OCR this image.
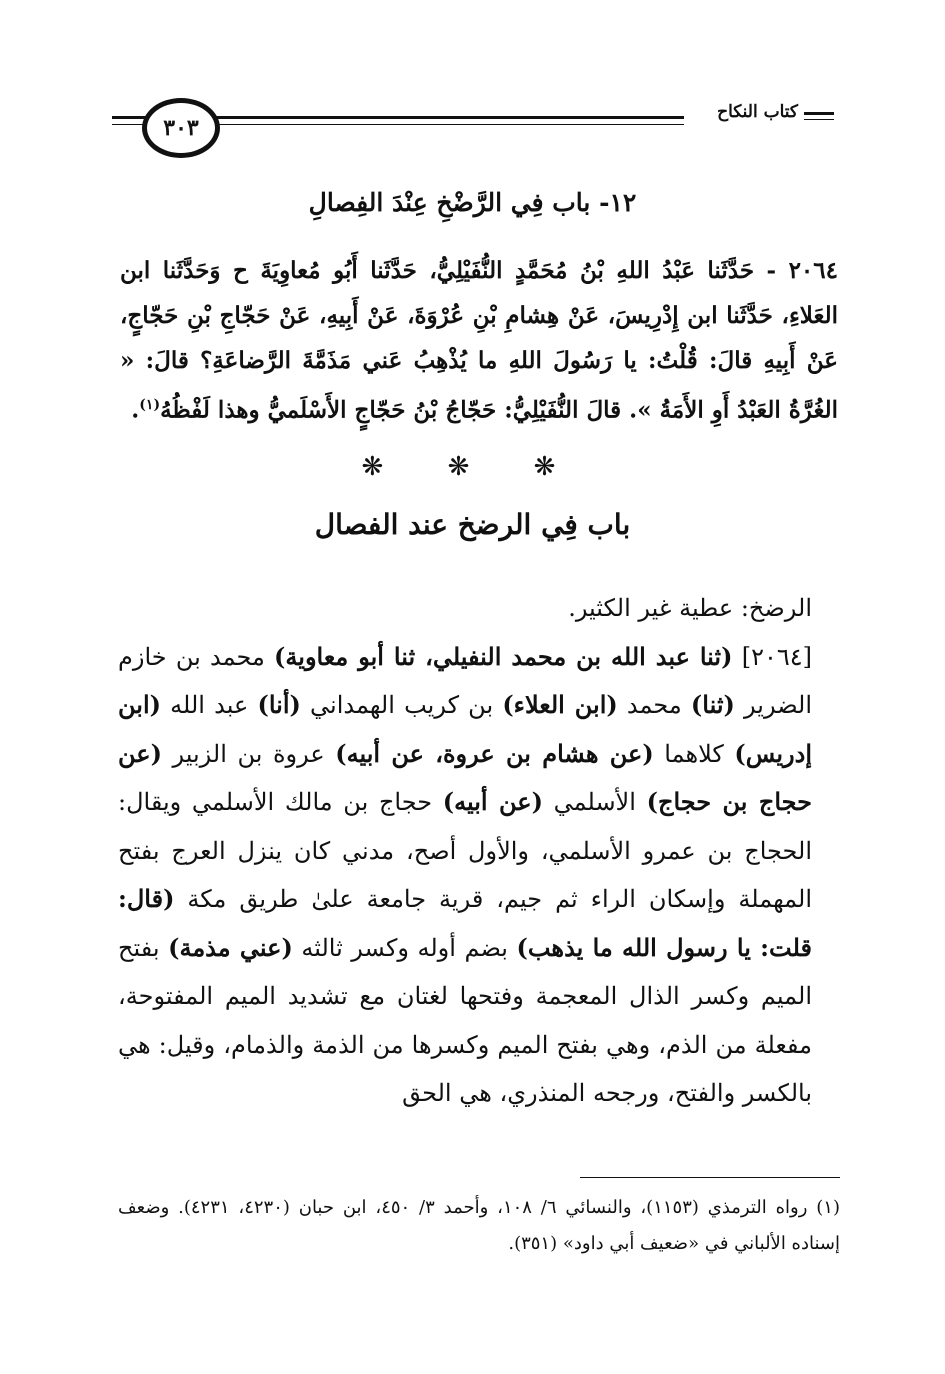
كتاب النكاح
٣٠٣
١٢- باب فِي الرَّضْخِ عِنْدَ الفِصالِ
٢٠٦٤ - حَدَّثَنا عَبْدُ اللهِ بْنُ مُحَمَّدٍ النُّفَيْلِيُّ، حَدَّثَنا أَبُو مُعاوِيَةَ ح وَحَدَّثَنا ابن العَلاءِ، حَدَّثَنا ابن إِدْرِيسَ، عَنْ هِشامِ بْنِ عُرْوَةَ، عَنْ أَبِيهِ، عَنْ حَجّاجِ بْنِ حَجّاجٍ، عَنْ أَبِيهِ قالَ: قُلْتُ: يا رَسُولَ اللهِ ما يُذْهِبُ عَني مَذَمَّةَ الرَّضاعَةِ؟ قالَ: « الغُرَّةُ العَبْدُ أَوِ الأَمَةُ ». قالَ النُّفَيْلِيُّ: حَجّاجُ بْنُ حَجّاجٍ الأَسْلَميُّ وهذا لَفْظُهُ$^{(١)}$.
❋ ❋ ❋
باب فِي الرضخ عند الفصال

الرضخ: عطية غير الكثير.

[٢٠٦٤] (ثنا عبد الله بن محمد النفيلي، ثنا أبو معاوية) محمد بن خازم الضرير (ثنا) محمد (ابن العلاء) بن كريب الهمداني (أنا) عبد الله (ابن إدريس) كلاهما (عن هشام بن عروة، عن أبيه) عروة بن الزبير (عن حجاج بن حجاج) الأسلمي (عن أبيه) حجاج بن مالك الأسلمي ويقال: الحجاج بن عمرو الأسلمي، والأول أصح، مدني كان ينزل العرج بفتح المهملة وإسكان الراء ثم جيم، قرية جامعة علىٰ طريق مكة (قال: قلت: يا رسول الله ما يذهب) بضم أوله وكسر ثالثه (عني مذمة) بفتح الميم وكسر الذال المعجمة وفتحها لغتان مع تشديد الميم المفتوحة، مفعلة من الذم، وهي بفتح الميم وكسرها من الذمة والذمام، وقيل: هي بالكسر والفتح، ورجحه المنذري، هي الحق

(١) رواه الترمذي (١١٥٣)، والنسائي ٦/ ١٠٨، وأحمد ٣/ ٤٥٠، ابن حبان (٤٢٣٠، ٤٢٣١). وضعف إسناده الألباني في «ضعيف أبي داود» (٣٥١).
